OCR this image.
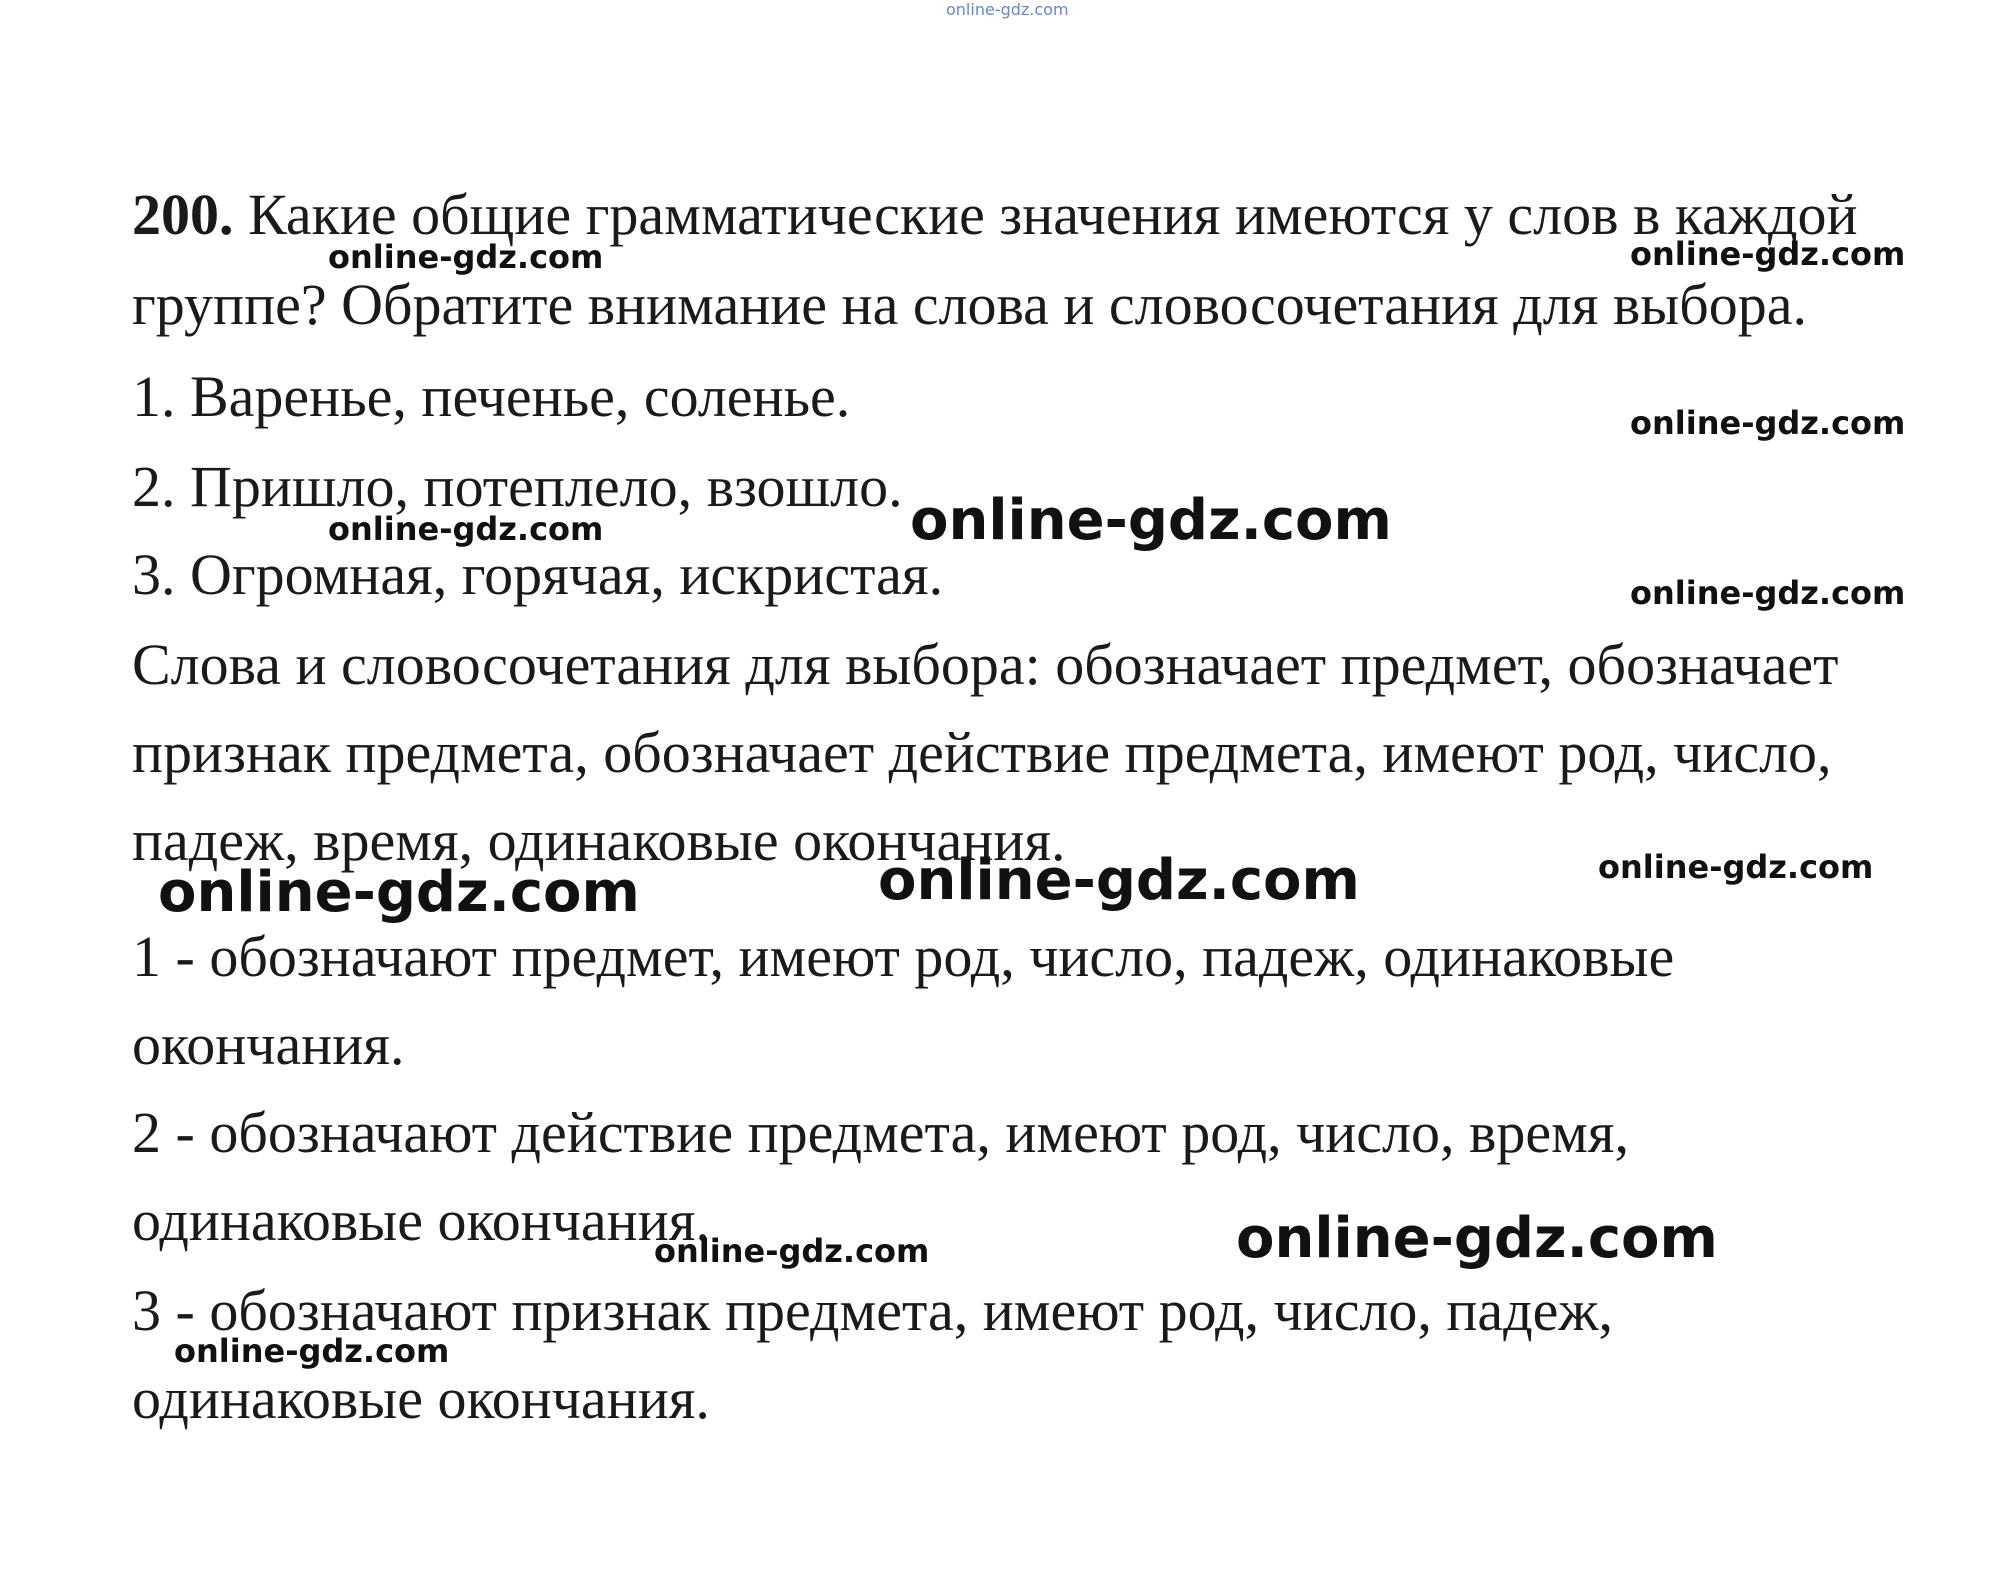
online-gdz.com
200. Какие общие грамматические значения имеются у слов в каждой
группе? Обратите внимание на слова и словосочетания для выбора.
1. Варенье, печенье, соленье.
2. Пришло, потеплело, взошло.
3. Огромная, горячая, искристая.
Слова и словосочетания для выбора: обозначает предмет, обозначает
признак предмета, обозначает действие предмета, имеют род, число,
падеж, время, одинаковые окончания.
1 - обозначают предмет, имеют род, число, падеж, одинаковые
окончания.
2 - обозначают действие предмета, имеют род, число, время,
одинаковые окончания.
3 - обозначают признак предмета, имеют род, число, падеж,
одинаковые окончания.
online-gdz.com	online-gdz.com
online-gdz.com
online-gdz.com	online-gdz.com
online-gdz.com
online-gdz.com	online-gdz.com	online-gdz.com
online-gdz.com	online-gdz.com
online-gdz.com
